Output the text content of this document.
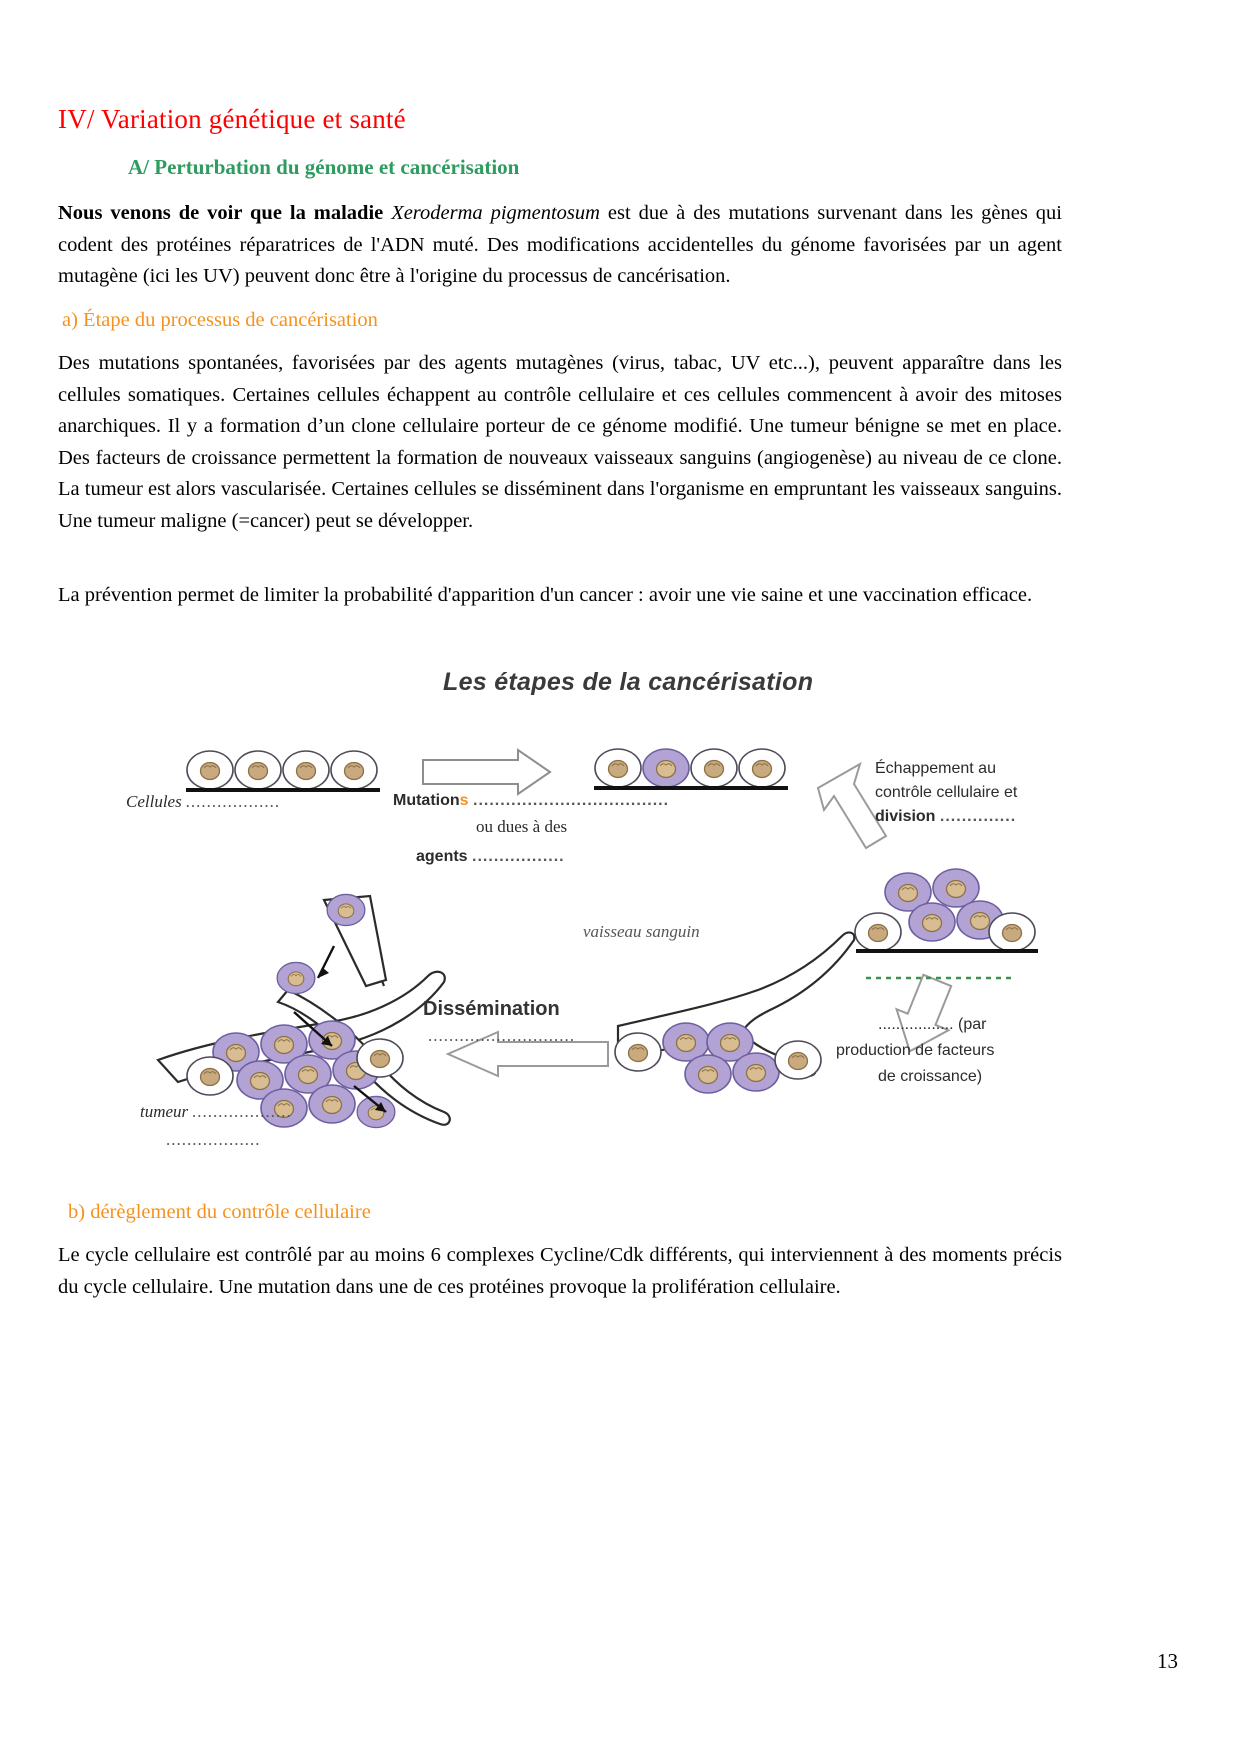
IV/ Variation génétique et santé
A/ Perturbation du génome et cancérisation

Nous venons de voir que la maladie Xeroderma pigmentosum est due à des mutations survenant dans les gènes qui codent des protéines réparatrices de l'ADN muté. Des modifications accidentelles du génome favorisées par un agent mutagène (ici les UV) peuvent donc être à l'origine du processus de cancérisation.

a) Étape du processus de cancérisation

Des mutations spontanées, favorisées par des agents mutagènes (virus, tabac, UV etc...), peuvent apparaître dans les cellules somatiques. Certaines cellules échappent au contrôle cellulaire et ces cellules commencent à avoir des mitoses anarchiques. Il y a formation d’un clone cellulaire porteur de ce génome modifié. Une tumeur bénigne se met en place. Des facteurs de croissance permettent la formation de nouveaux vaisseaux sanguins (angiogenèse) au niveau de ce clone. La tumeur est alors vascularisée. Certaines cellules se disséminent dans l'organisme en empruntant les vaisseaux sanguins. Une tumeur maligne (=cancer) peut se développer.

La prévention permet de limiter la probabilité d'apparition d'un cancer : avoir une vie saine et une vaccination efficace.

Les étapes de la cancérisation
Cellules ..................	Mutations ....................................
ou dues à des
agents .................
Échappement au
contrôle cellulaire et
division ..............
Dissémination
............................
vaisseau sanguin
tumeur ...................
..................
................. (par
production de facteurs
de croissance)
b) dérèglement du contrôle cellulaire

Le cycle cellulaire est contrôlé par au moins 6 complexes Cycline/Cdk différents, qui interviennent à des moments précis du cycle cellulaire. Une mutation dans une de ces protéines provoque la prolifération cellulaire.

13
